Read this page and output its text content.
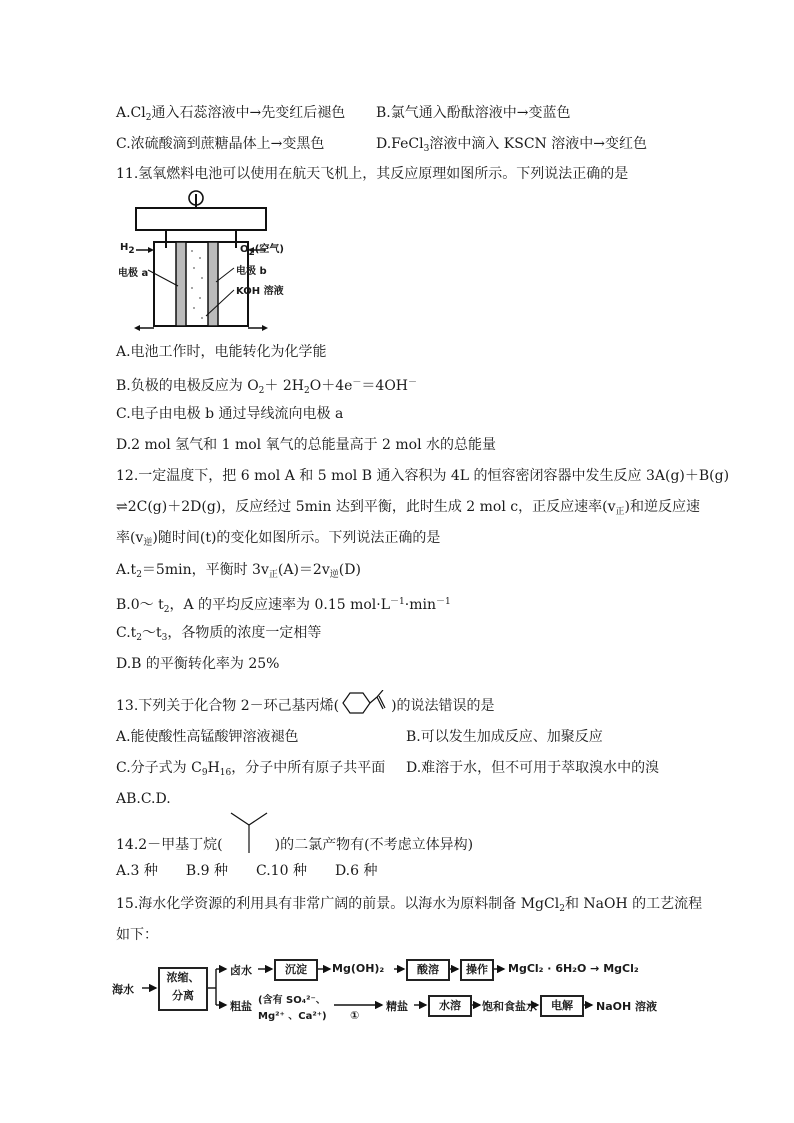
$A.Cl_2$通入石蕊溶液中→先变红后褪色 B.氯气通入酚酞溶液中→变蓝色
C.浓硫酸滴到蔗糖晶体上→变黑色	D.FeCl$_3$溶液中滴入 KSCN 溶液中→变红色
11.氢氧燃料电池可以使用在航天飞机上，其反应原理如图所示。下列说法正确的是
$H_2$	$O_2$(空气)
电极 a	电极 b
KOH 溶液
A.电池工作时，电能转化为化学能
B.负极的电极反应为 $O_2+ 2H_2O+4e^-=4OH^-$
C.电子由电极 b 通过导线流向电极 a
D.2 mol 氢气和 1 mol 氧气的总能量高于 2 mol 水的总能量
12.一定温度下，把 6 mol A 和 5 mol B 通入容积为 4L 的恒容密闭容器中发生反应 3A(g)＋B(g)
⇌2C(g)＋2D(g)，反应经过 5min 达到平衡，此时生成 2 mol c，正反应速率$(v_正)$和逆反应速
率$(v_逆)$随时间(t)的变化如图所示。下列说法正确的是
$A.t_2=5\min$，平衡时 $3v_正(A)=2v_逆(D)$
B.0～ $t_2$，A 的平均反应速率为 0.15 $mol\cdot L^{-1}\cdot\min^{-1}$
$C.t_2\sim t_3$，各物质的浓度一定相等
D.B 的平衡转化率为 25%
13.下列关于化合物 2－环己基丙烯(	)的说法错误的是
A.能使酸性高锰酸钾溶液褪色	B.可以发生加成反应、加聚反应
C.分子式为 $C_9H_{16}$，分子中所有原子共平面 D.难溶于水，但不可用于萃取溴水中的溴
AB.C.D.
14.2－甲基丁烷(	)的二氯产物有(不考虑立体异构)
A.3 种　　B.9 种　　C.10 种　　D.6 种
15.海水化学资源的利用具有非常广阔的前景。以海水为原料制备 MgCl$_2$和 NaOH 的工艺流程
如下：
海水
浓缩、
分离
卤水	沉淀	Mg(OH)₂	酸溶	操作	MgCl₂ · 6H₂O → MgCl₂
粗盐 (含有 SO₄²⁻、
Mg²⁺ 、Ca²⁺) ①
精盐	水溶	饱和食盐水	电解	NaOH 溶液
